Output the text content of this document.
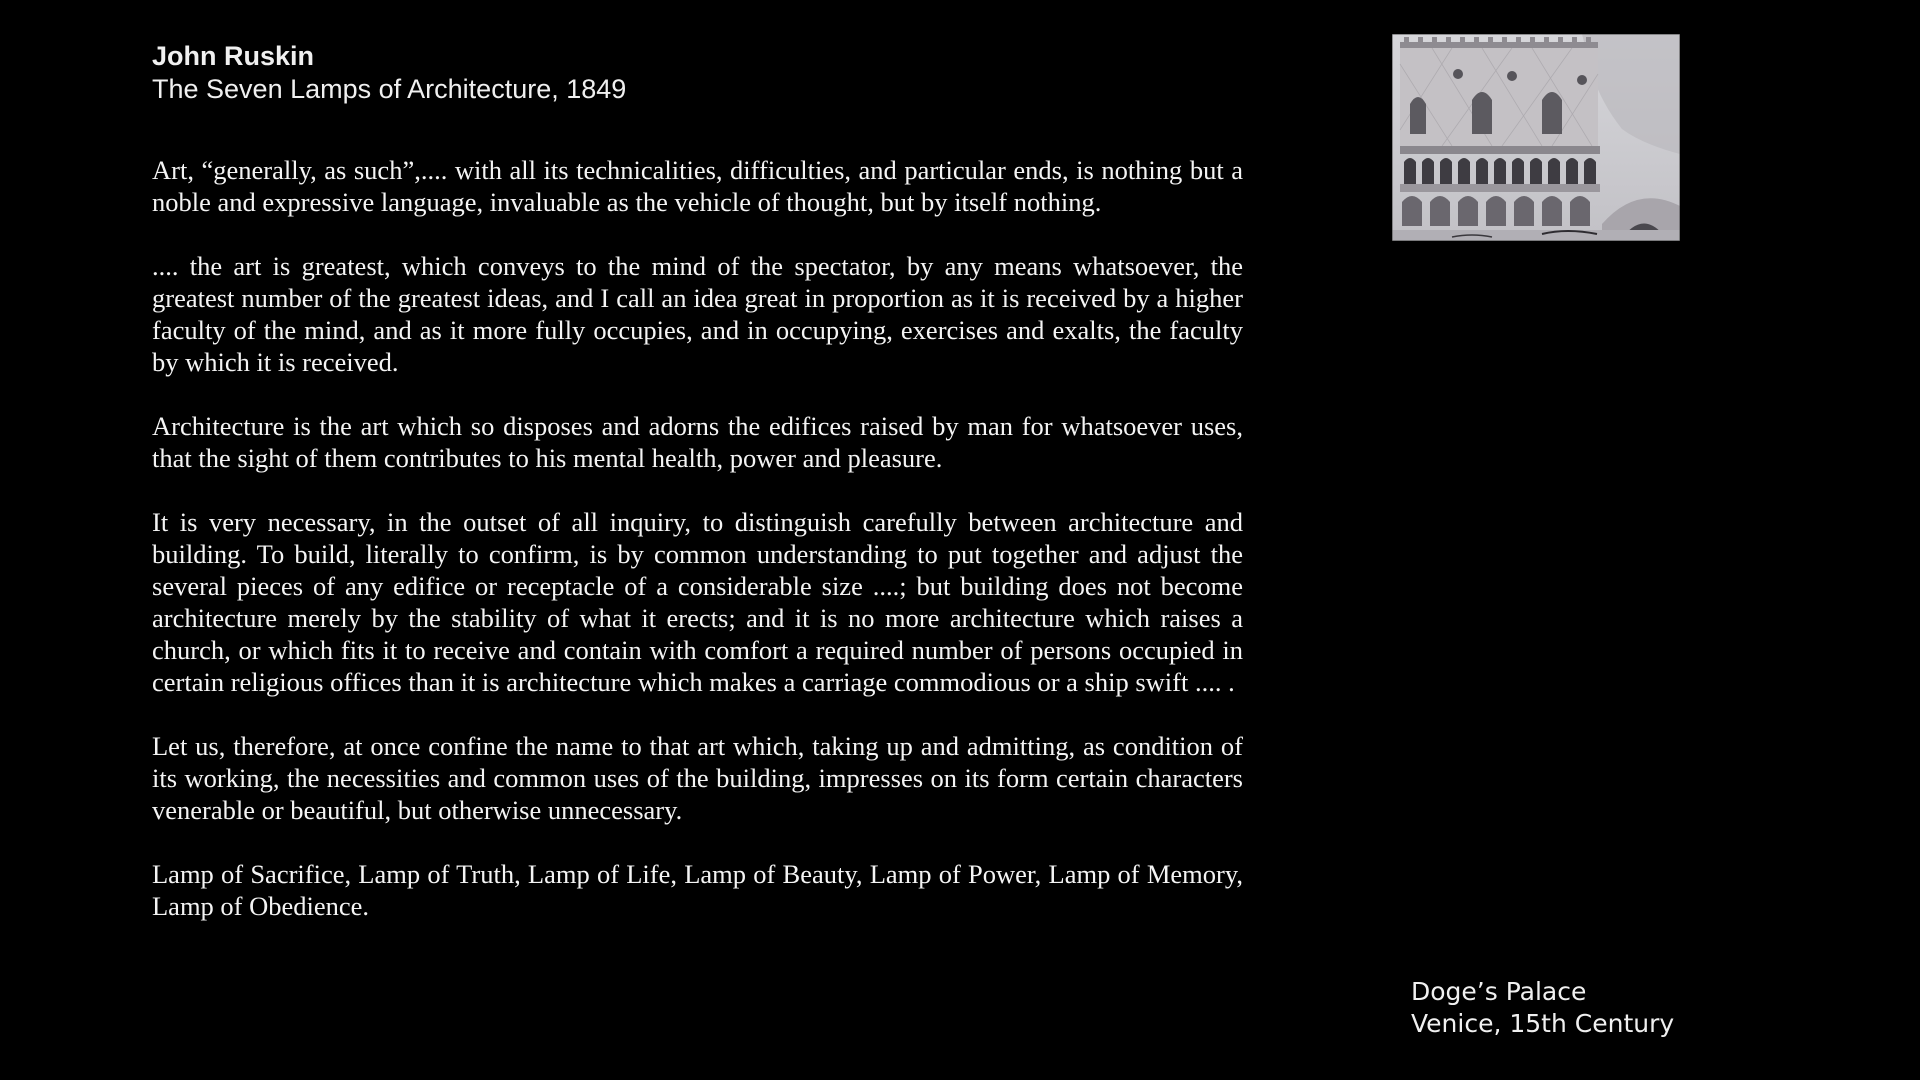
John Ruskin
The Seven Lamps of Architecture, 1849

Art, “generally, as such”,.... with all its technicalities, difficulties, and particular ends, is nothing but a noble and expressive language, invaluable as the vehicle of thought, but by itself nothing.

.... the art is greatest, which conveys to the mind of the spectator, by any means whatsoever, the greatest number of the greatest ideas, and I call an idea great in proportion as it is received by a higher faculty of the mind, and as it more fully occupies, and in occupying, exercises and exalts, the faculty by which it is received.

Architecture is the art which so disposes and adorns the edifices raised by man for whatsoever uses, that the sight of them contributes to his mental health, power and pleasure.

It is very necessary, in the outset of all inquiry, to distinguish carefully between architecture and building. To build, literally to confirm, is by common understanding to put together and adjust the several pieces of any edifice or receptacle of a considerable size ....; but building does not become architecture merely by the stability of what it erects; and it is no more architecture which raises a church, or which fits it to receive and contain with comfort a required number of persons occupied in certain religious offices than it is architecture which makes a carriage commodious or a ship swift .... .

Let us, therefore, at once confine the name to that art which, taking up and admitting, as condition of its working, the necessities and common uses of the building, impresses on its form certain characters venerable or beautiful, but otherwise unnecessary.

Lamp of Sacrifice, Lamp of Truth, Lamp of Life, Lamp of Beauty, Lamp of Power, Lamp of Memory, Lamp of Obedience.

Doge’s Palace
Venice, 15th Century
